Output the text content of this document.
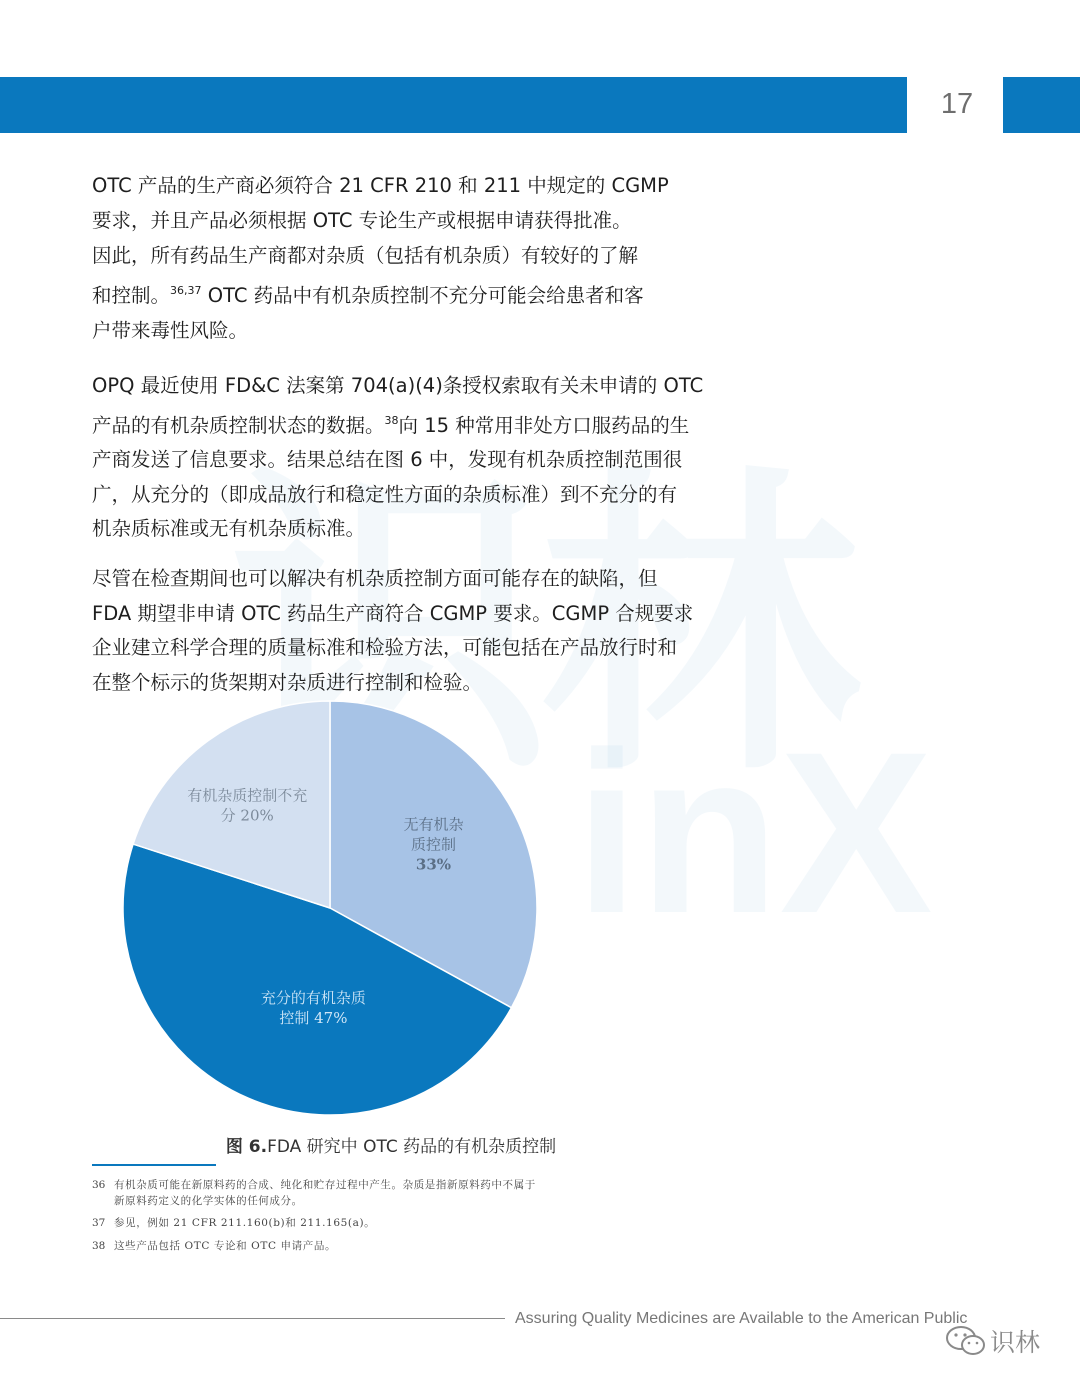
17
OTC 产品的生产商必须符合 21 CFR 210 和 211 中规定的 CGMP
要求，并且产品必须根据 OTC 专论生产或根据申请获得批准。
因此，所有药品生产商都对杂质（包括有机杂质）有较好的了解
和控制。$^{36,37}$ OTC 药品中有机杂质控制不充分可能会给患者和客
户带来毒性风险。
OPQ 最近使用 FD&C 法案第 704(a)(4)条授权索取有关未申请的 OTC
产品的有机杂质控制状态的数据。$^{38}$向 15 种常用非处方口服药品的生
产商发送了信息要求。结果总结在图 6 中，发现有机杂质控制范围很
广，从充分的（即成品放行和稳定性方面的杂质标准）到不充分的有
机杂质标准或无有机杂质标准。
尽管在检查期间也可以解决有机杂质控制方面可能存在的缺陷，但
FDA 期望非申请 OTC 药品生产商符合 CGMP 要求。CGMP 合规要求
企业建立科学合理的质量标准和检验方法，可能包括在产品放行时和
在整个标示的货架期对杂质进行控制和检验。
无有机杂
质控制
33%
充分的有机杂质
控制 47%
有机杂质控制不充
分 20%
图 6.FDA 研究中 OTC 药品的有机杂质控制
36 有机杂质可能在新原料药的合成、纯化和贮存过程中产生。杂质是指新原料药中不属于
新原料药定义的化学实体的任何成分。
37 参见，例如 21 CFR 211.160(b)和 211.165(a)。
38 这些产品包括 OTC 专论和 OTC 申请产品。
Assuring Quality Medicines are Available to the American Public
识林
